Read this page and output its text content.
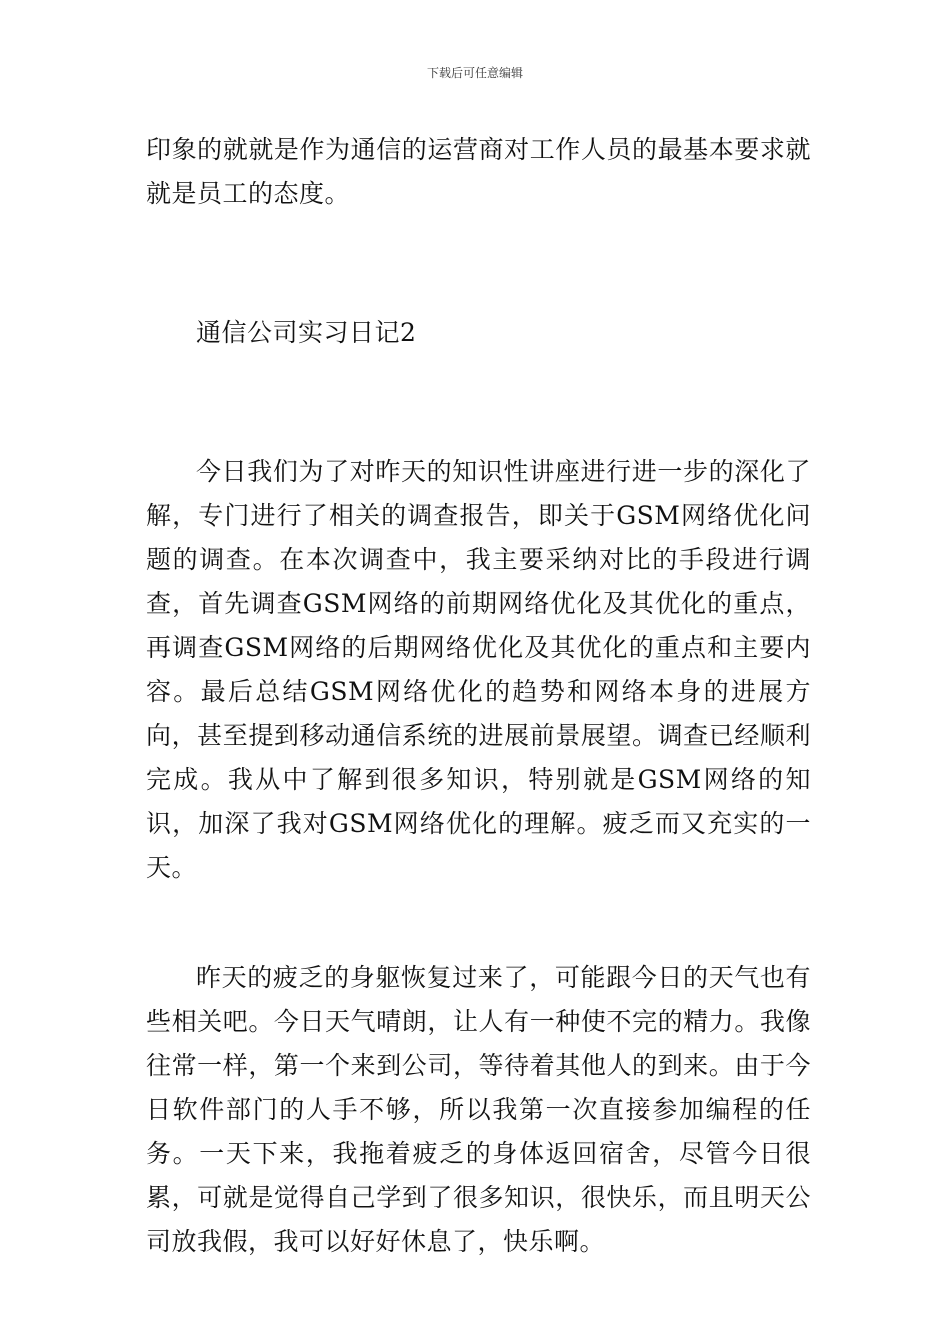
下载后可任意编辑

印象的就就是作为通信的运营商对工作人员的最基本要求就就是员工的态度。

通信公司实习日记2

今日我们为了对昨天的知识性讲座进行进一步的深化了解，专门进行了相关的调查报告，即关于GSM网络优化问题的调查。在本次调查中，我主要采纳对比的手段进行调查，首先调查GSM网络的前期网络优化及其优化的重点，再调查GSM网络的后期网络优化及其优化的重点和主要内容。最后总结GSM网络优化的趋势和网络本身的进展方向，甚至提到移动通信系统的进展前景展望。调查已经顺利完成。我从中了解到很多知识，特别就是GSM网络的知识，加深了我对GSM网络优化的理解。疲乏而又充实的一天。

昨天的疲乏的身躯恢复过来了，可能跟今日的天气也有些相关吧。今日天气晴朗，让人有一种使不完的精力。我像往常一样，第一个来到公司，等待着其他人的到来。由于今日软件部门的人手不够，所以我第一次直接参加编程的任务。一天下来，我拖着疲乏的身体返回宿舍，尽管今日很累，可就是觉得自己学到了很多知识，很快乐，而且明天公司放我假，我可以好好休息了，快乐啊。
